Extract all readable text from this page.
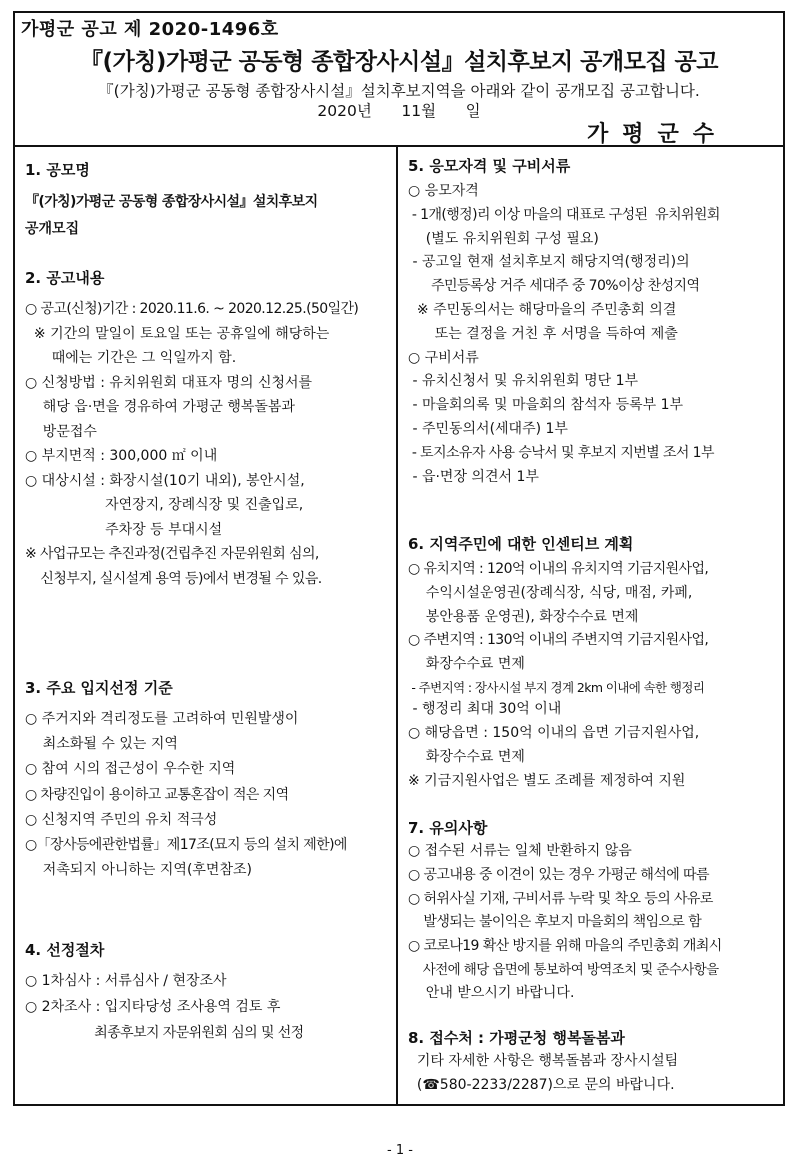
가평군 공고 제 2020-1496호
『(가칭)가평군 공동형 종합장사시설』설치후보지 공개모집 공고
『(가칭)가평군 공동형 종합장사시설』설치후보지역을 아래와 같이 공개모집 공고합니다.
2020년      11월      일
가평군수
1. 공모명
『(가칭)가평군 공동형 종합장사시설』설치후보지
공개모집
2. 공고내용
○ 공고(신청)기간 : 2020.11.6. ~ 2020.12.25.(50일간)
※ 기간의 말일이 토요일 또는 공휴일에 해당하는
때에는 기간은 그 익일까지 함.
○ 신청방법 : 유치위원회 대표자 명의 신청서를
해당 읍·면을 경유하여 가평군 행복돌봄과
방문접수
○ 부지면적 : 300,000 ㎡ 이내
○ 대상시설 : 화장시설(10기 내외), 봉안시설,
자연장지, 장례식장 및 진출입로,
주차장 등 부대시설
※ 사업규모는 추진과정(건립추진 자문위원회 심의,
신청부지, 실시설계 용역 등)에서 변경될 수 있음.
3. 주요 입지선정 기준
○ 주거지와 격리정도를 고려하여 민원발생이
최소화될 수 있는 지역
○ 참여 시의 접근성이 우수한 지역
○ 차량진입이 용이하고 교통혼잡이 적은 지역
○ 신청지역 주민의 유치 적극성
○「장사등에관한법률」제17조(묘지 등의 설치 제한)에
저촉되지 아니하는 지역(후면참조)
4. 선정절차
○ 1차심사 : 서류심사 / 현장조사
○ 2차조사 : 입지타당성 조사용역 검토 후
최종후보지 자문위원회 심의 및 선정
5. 응모자격 및 구비서류
○ 응모자격
- 1개(행정)리 이상 마을의 대표로 구성된  유치위원회
(별도 유치위원회 구성 필요)
- 공고일 현재 설치후보지 해당지역(행정리)의
주민등록상 거주 세대주 중 70%이상 찬성지역
※ 주민동의서는 해당마을의 주민총회 의결
또는 결정을 거친 후 서명을 득하여 제출
○ 구비서류
- 유치신청서 및 유치위원회 명단 1부
- 마을회의록 및 마을회의 참석자 등록부 1부
- 주민동의서(세대주) 1부
- 토지소유자 사용 승낙서 및 후보지 지번별 조서 1부
- 읍·면장 의견서 1부
6. 지역주민에 대한 인센티브 계획
○ 유치지역 : 120억 이내의 유치지역 기금지원사업,
수익시설운영권(장례식장, 식당, 매점, 카페,
봉안용품 운영권), 화장수수료 면제
○ 주변지역 : 130억 이내의 주변지역 기금지원사업,
화장수수료 면제
- 주변지역 : 장사시설 부지 경계 2km 이내에 속한 행정리
- 행정리 최대 30억 이내
○ 해당읍면 : 150억 이내의 읍면 기금지원사업,
화장수수료 면제
※ 기금지원사업은 별도 조례를 제정하여 지원
7. 유의사항
○ 접수된 서류는 일체 반환하지 않음
○ 공고내용 중 이견이 있는 경우 가평군 해석에 따름
○ 허위사실 기재, 구비서류 누락 및 착오 등의 사유로
발생되는 불이익은 후보지 마을회의 책임으로 함
○ 코로나19 확산 방지를 위해 마을의 주민총회 개최시
사전에 해당 읍면에 통보하여 방역조치 및 준수사항을
안내 받으시기 바랍니다.
8. 접수처 : 가평군청 행복돌봄과
기타 자세한 사항은 행복돌봄과 장사시설팀
(☎580-2233/2287)으로 문의 바랍니다.
- 1 -
